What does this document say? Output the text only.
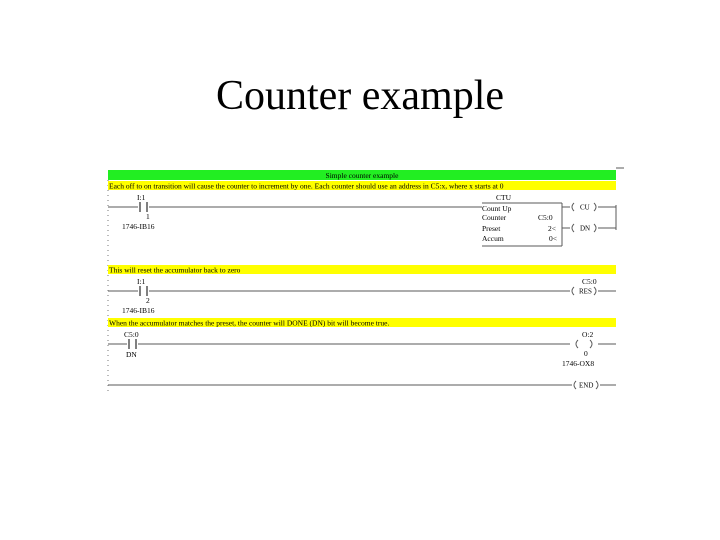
Counter example
Simple counter example
Each off to on transition will cause the counter to increment by one. Each counter should use an address in C5:x, where x starts at 0
I:1
1
1746-IB16
CTU
Count Up
Counter	C5:0
Preset	2<
Accum	0<
CU
DN
This will reset the accumulator back to zero
I:1
2
1746-IB16
C5:0
RES
When the accumulator matches the preset, the counter will DONE (DN) bit will become true.
C5:0
DN
O:2
0
1746-OX8
END
